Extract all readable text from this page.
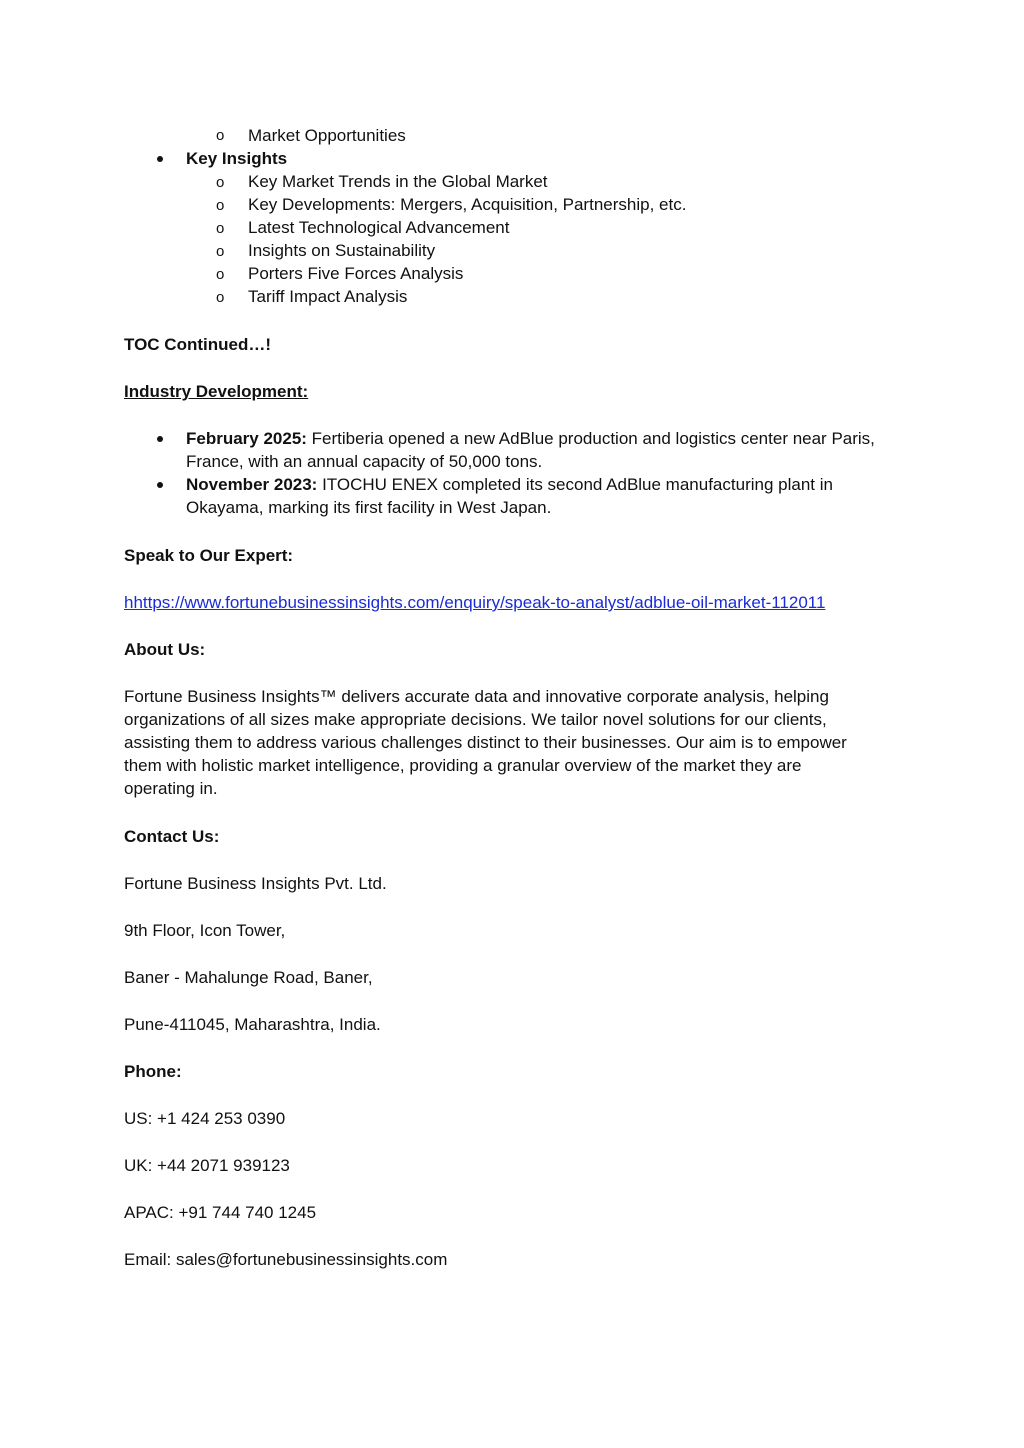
o Market Opportunities
Key Insights
o Key Market Trends in the Global Market
o Key Developments: Mergers, Acquisition, Partnership, etc.
o Latest Technological Advancement
o Insights on Sustainability
o Porters Five Forces Analysis
o Tariff Impact Analysis
TOC Continued…!
Industry Development:
February 2025: Fertiberia opened a new AdBlue production and logistics center near Paris,
France, with an annual capacity of 50,000 tons.
November 2023: ITOCHU ENEX completed its second AdBlue manufacturing plant in
Okayama, marking its first facility in West Japan.
Speak to Our Expert:
hhttps://www.fortunebusinessinsights.com/enquiry/speak-to-analyst/adblue-oil-market-112011
About Us:
Fortune Business Insights™ delivers accurate data and innovative corporate analysis, helping
organizations of all sizes make appropriate decisions. We tailor novel solutions for our clients,
assisting them to address various challenges distinct to their businesses. Our aim is to empower
them with holistic market intelligence, providing a granular overview of the market they are
operating in.
Contact Us:
Fortune Business Insights Pvt. Ltd.
9th Floor, Icon Tower,
Baner - Mahalunge Road, Baner,
Pune-411045, Maharashtra, India.
Phone:
US: +1 424 253 0390
UK: +44 2071 939123
APAC: +91 744 740 1245
Email: sales@fortunebusinessinsights.com
